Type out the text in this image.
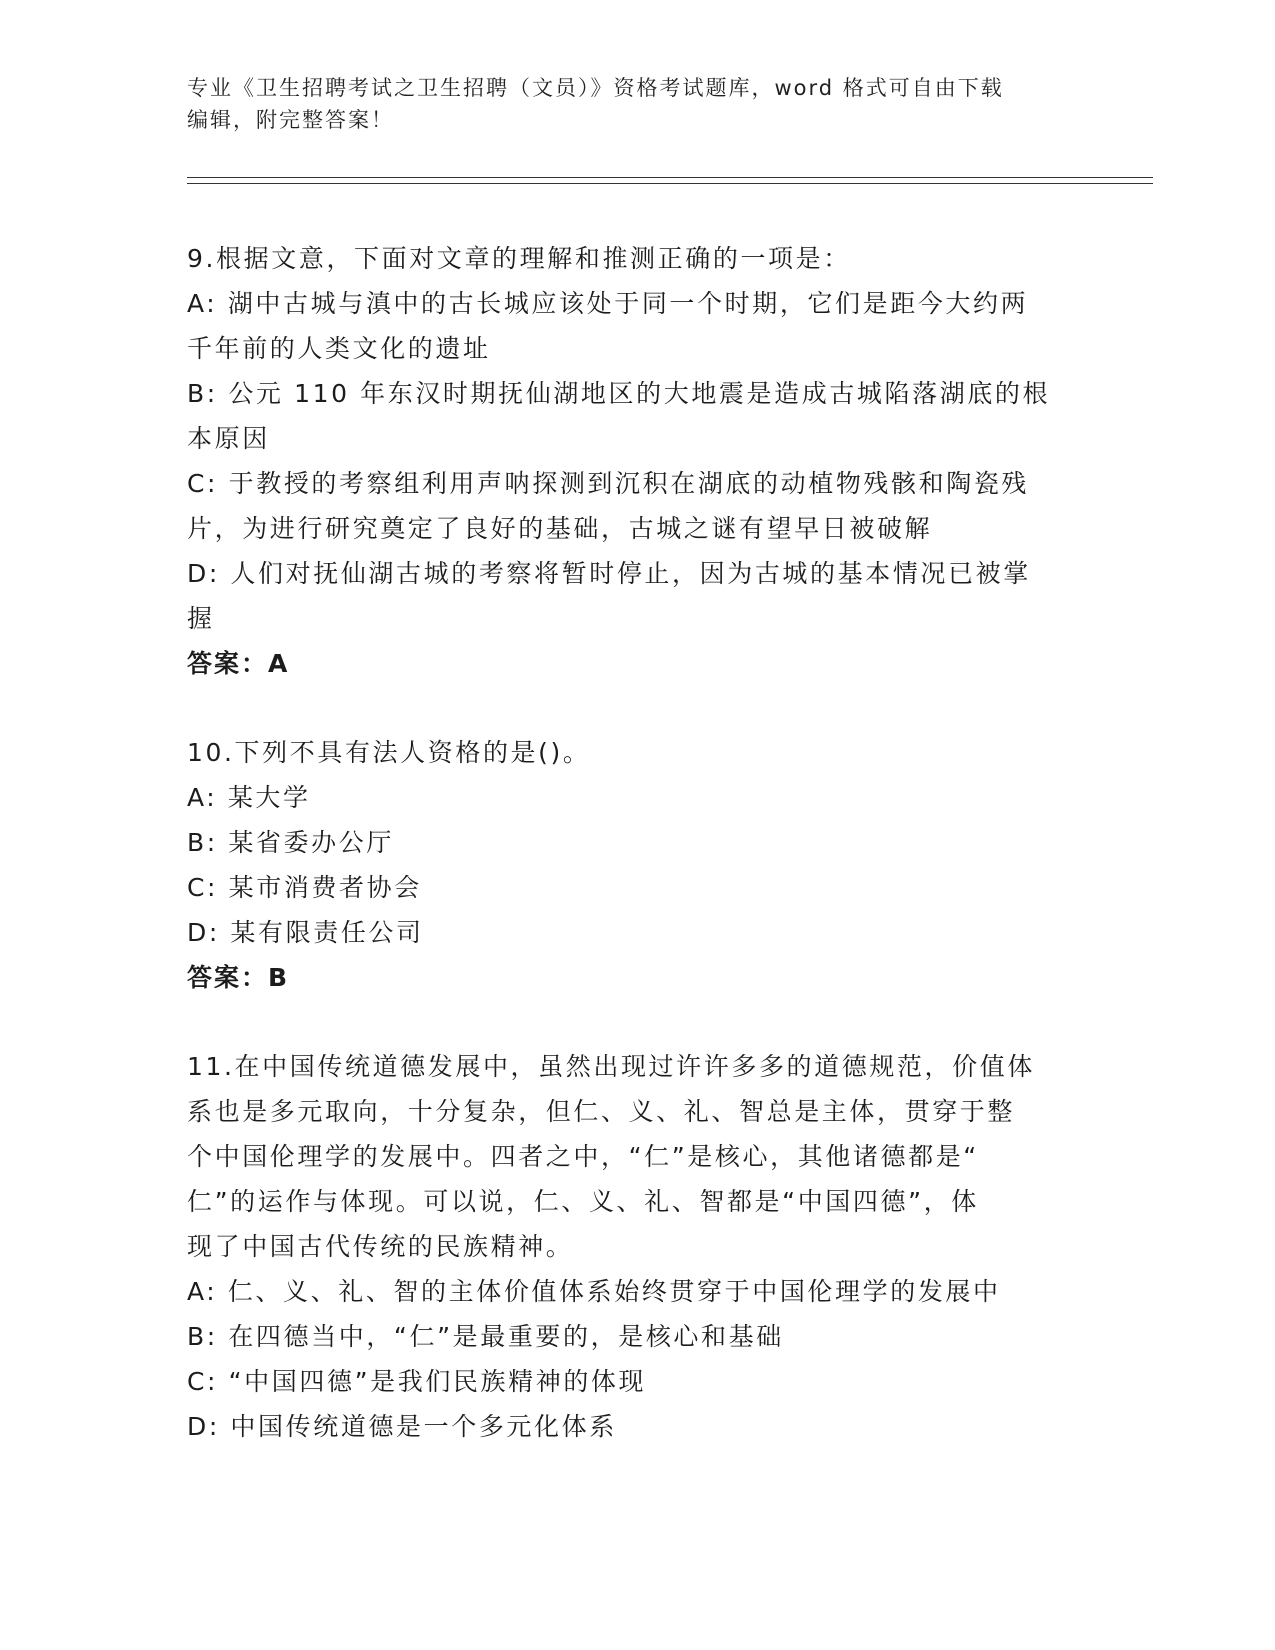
专业《卫生招聘考试之卫生招聘（文员）》资格考试题库，word 格式可自由下载
编辑，附完整答案！
9.根据文意，下面对文章的理解和推测正确的一项是：
A: 湖中古城与滇中的古长城应该处于同一个时期，它们是距今大约两
千年前的人类文化的遗址
B: 公元 110 年东汉时期抚仙湖地区的大地震是造成古城陷落湖底的根
本原因
C: 于教授的考察组利用声呐探测到沉积在湖底的动植物残骸和陶瓷残
片，为进行研究奠定了良好的基础，古城之谜有望早日被破解
D: 人们对抚仙湖古城的考察将暂时停止，因为古城的基本情况已被掌
握
答案：A
10.下列不具有法人资格的是()。
A: 某大学
B: 某省委办公厅
C: 某市消费者协会
D: 某有限责任公司
答案：B
11.在中国传统道德发展中，虽然出现过许许多多的道德规范，价值体
系也是多元取向，十分复杂，但仁、义、礼、智总是主体，贯穿于整
个中国伦理学的发展中。四者之中，“仁”是核心，其他诸德都是“
仁”的运作与体现。可以说，仁、义、礼、智都是“中国四德”，体
现了中国古代传统的民族精神。
A: 仁、义、礼、智的主体价值体系始终贯穿于中国伦理学的发展中
B: 在四德当中，“仁”是最重要的，是核心和基础
C: “中国四德”是我们民族精神的体现
D: 中国传统道德是一个多元化体系
